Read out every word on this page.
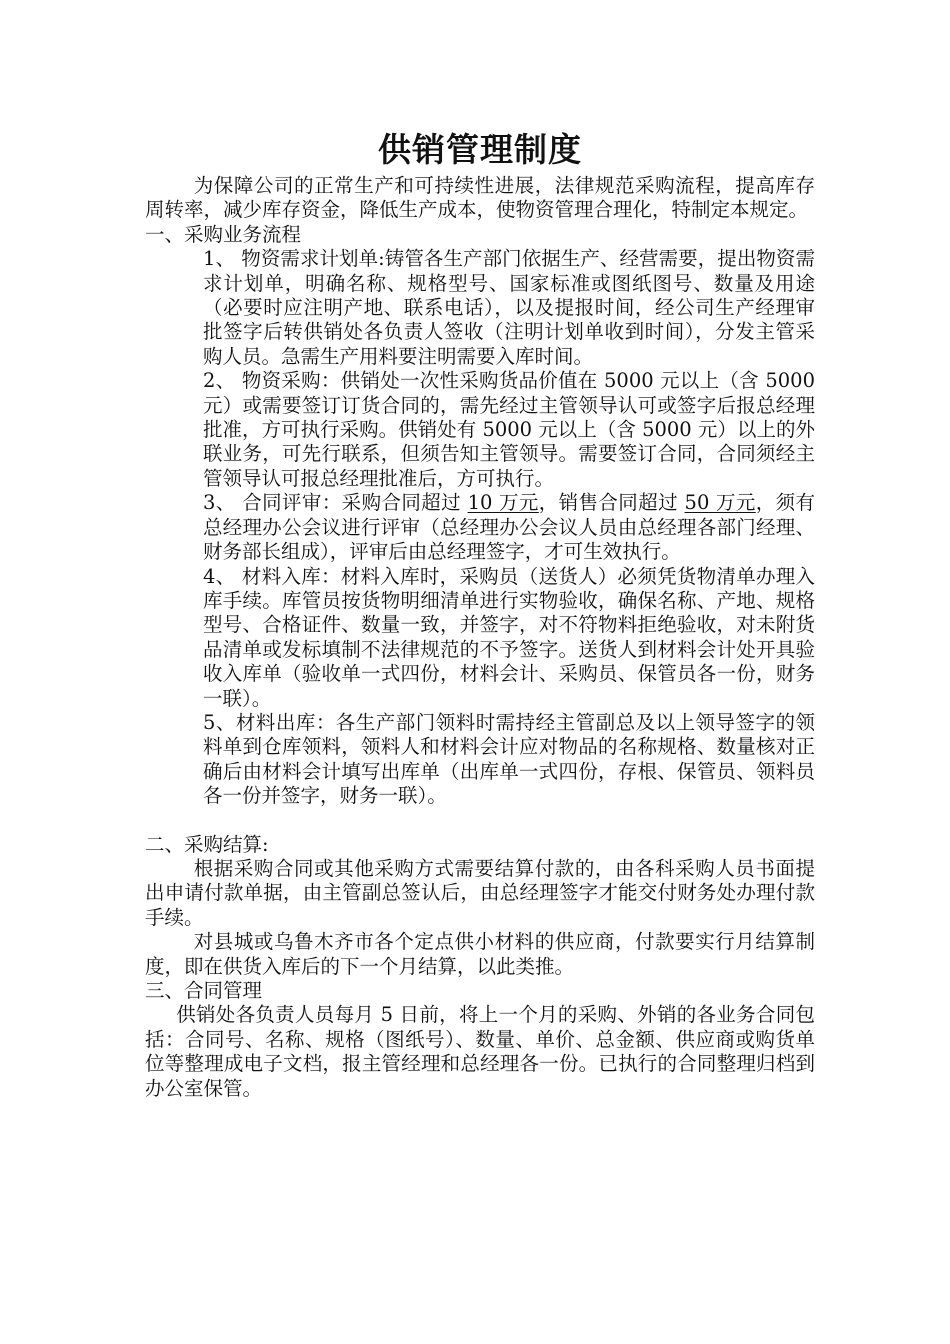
供销管理制度

为保障公司的正常生产和可持续性进展，法律规范采购流程，提高库存周转率，减少库存资金，降低生产成本，使物资管理合理化，特制定本规定。

一、采购业务流程

1、 物资需求计划单:铸管各生产部门依据生产、经营需要，提出物资需求计划单，明确名称、规格型号、国家标准或图纸图号、数量及用途（必要时应注明产地、联系电话），以及提报时间，经公司生产经理审批签字后转供销处各负责人签收（注明计划单收到时间），分发主管采购人员。急需生产用料要注明需要入库时间。

2、 物资采购：供销处一次性采购货品价值在 5000 元以上（含 5000 元）或需要签订订货合同的，需先经过主管领导认可或签字后报总经理批准，方可执行采购。供销处有 5000 元以上（含 5000 元）以上的外联业务，可先行联系，但须告知主管领导。需要签订合同，合同须经主管领导认可报总经理批准后，方可执行。

3、 合同评审：采购合同超过 10 万元，销售合同超过 50 万元，须有总经理办公会议进行评审（总经理办公会议人员由总经理各部门经理、财务部长组成），评审后由总经理签字，才可生效执行。

4、 材料入库：材料入库时，采购员（送货人）必须凭货物清单办理入库手续。库管员按货物明细清单进行实物验收，确保名称、产地、规格型号、合格证件、数量一致，并签字，对不符物料拒绝验收，对未附货品清单或发标填制不法律规范的不予签字。送货人到材料会计处开具验收入库单（验收单一式四份，材料会计、采购员、保管员各一份，财务一联）。

5、材料出库：各生产部门领料时需持经主管副总及以上领导签字的领料单到仓库领料，领料人和材料会计应对物品的名称规格、数量核对正确后由材料会计填写出库单（出库单一式四份，存根、保管员、领料员各一份并签字，财务一联）。

二、采购结算:

根据采购合同或其他采购方式需要结算付款的，由各科采购人员书面提出申请付款单据，由主管副总签认后，由总经理签字才能交付财务处办理付款手续。

对县城或乌鲁木齐市各个定点供小材料的供应商，付款要实行月结算制度，即在供货入库后的下一个月结算，以此类推。

三、合同管理

供销处各负责人员每月 5 日前，将上一个月的采购、外销的各业务合同包括：合同号、名称、规格（图纸号）、数量、单价、总金额、供应商或购货单位等整理成电子文档，报主管经理和总经理各一份。已执行的合同整理归档到办公室保管。
